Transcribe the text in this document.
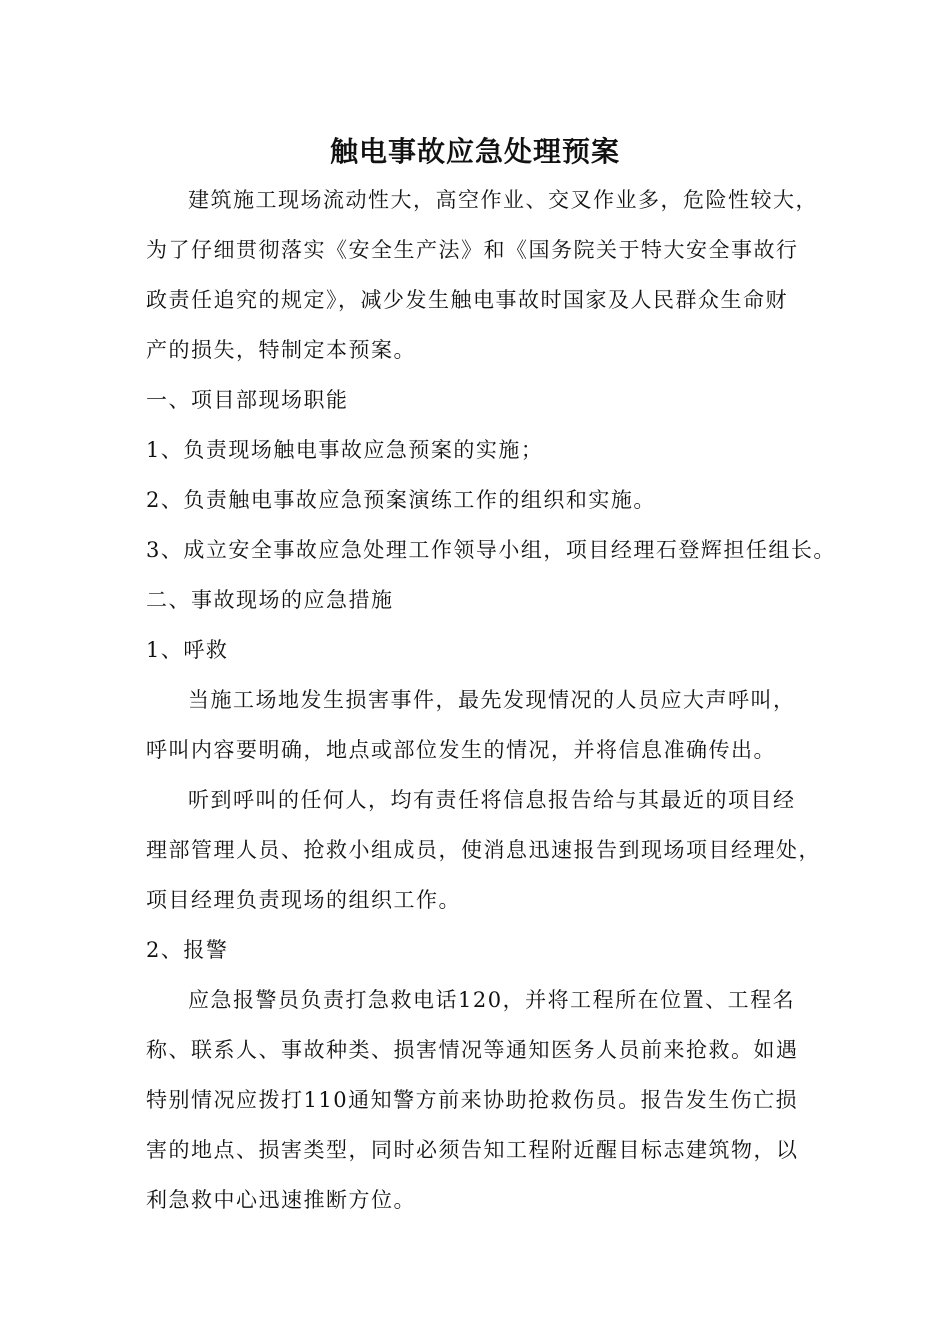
触电事故应急处理预案
建筑施工现场流动性大，高空作业、交叉作业多，危险性较大，
为了仔细贯彻落实《安全生产法》和《国务院关于特大安全事故行
政责任追究的规定》，减少发生触电事故时国家及人民群众生命财
产的损失，特制定本预案。
一、项目部现场职能
1、负责现场触电事故应急预案的实施；
2、负责触电事故应急预案演练工作的组织和实施。
3、成立安全事故应急处理工作领导小组，项目经理石登辉担任组长。
二、事故现场的应急措施
1、呼救
当施工场地发生损害事件，最先发现情况的人员应大声呼叫，
呼叫内容要明确，地点或部位发生的情况，并将信息准确传出。
听到呼叫的任何人，均有责任将信息报告给与其最近的项目经
理部管理人员、抢救小组成员，使消息迅速报告到现场项目经理处，
项目经理负责现场的组织工作。
2、报警
应急报警员负责打急救电话120，并将工程所在位置、工程名
称、联系人、事故种类、损害情况等通知医务人员前来抢救。如遇
特别情况应拨打110通知警方前来协助抢救伤员。报告发生伤亡损
害的地点、损害类型，同时必须告知工程附近醒目标志建筑物，以
利急救中心迅速推断方位。
